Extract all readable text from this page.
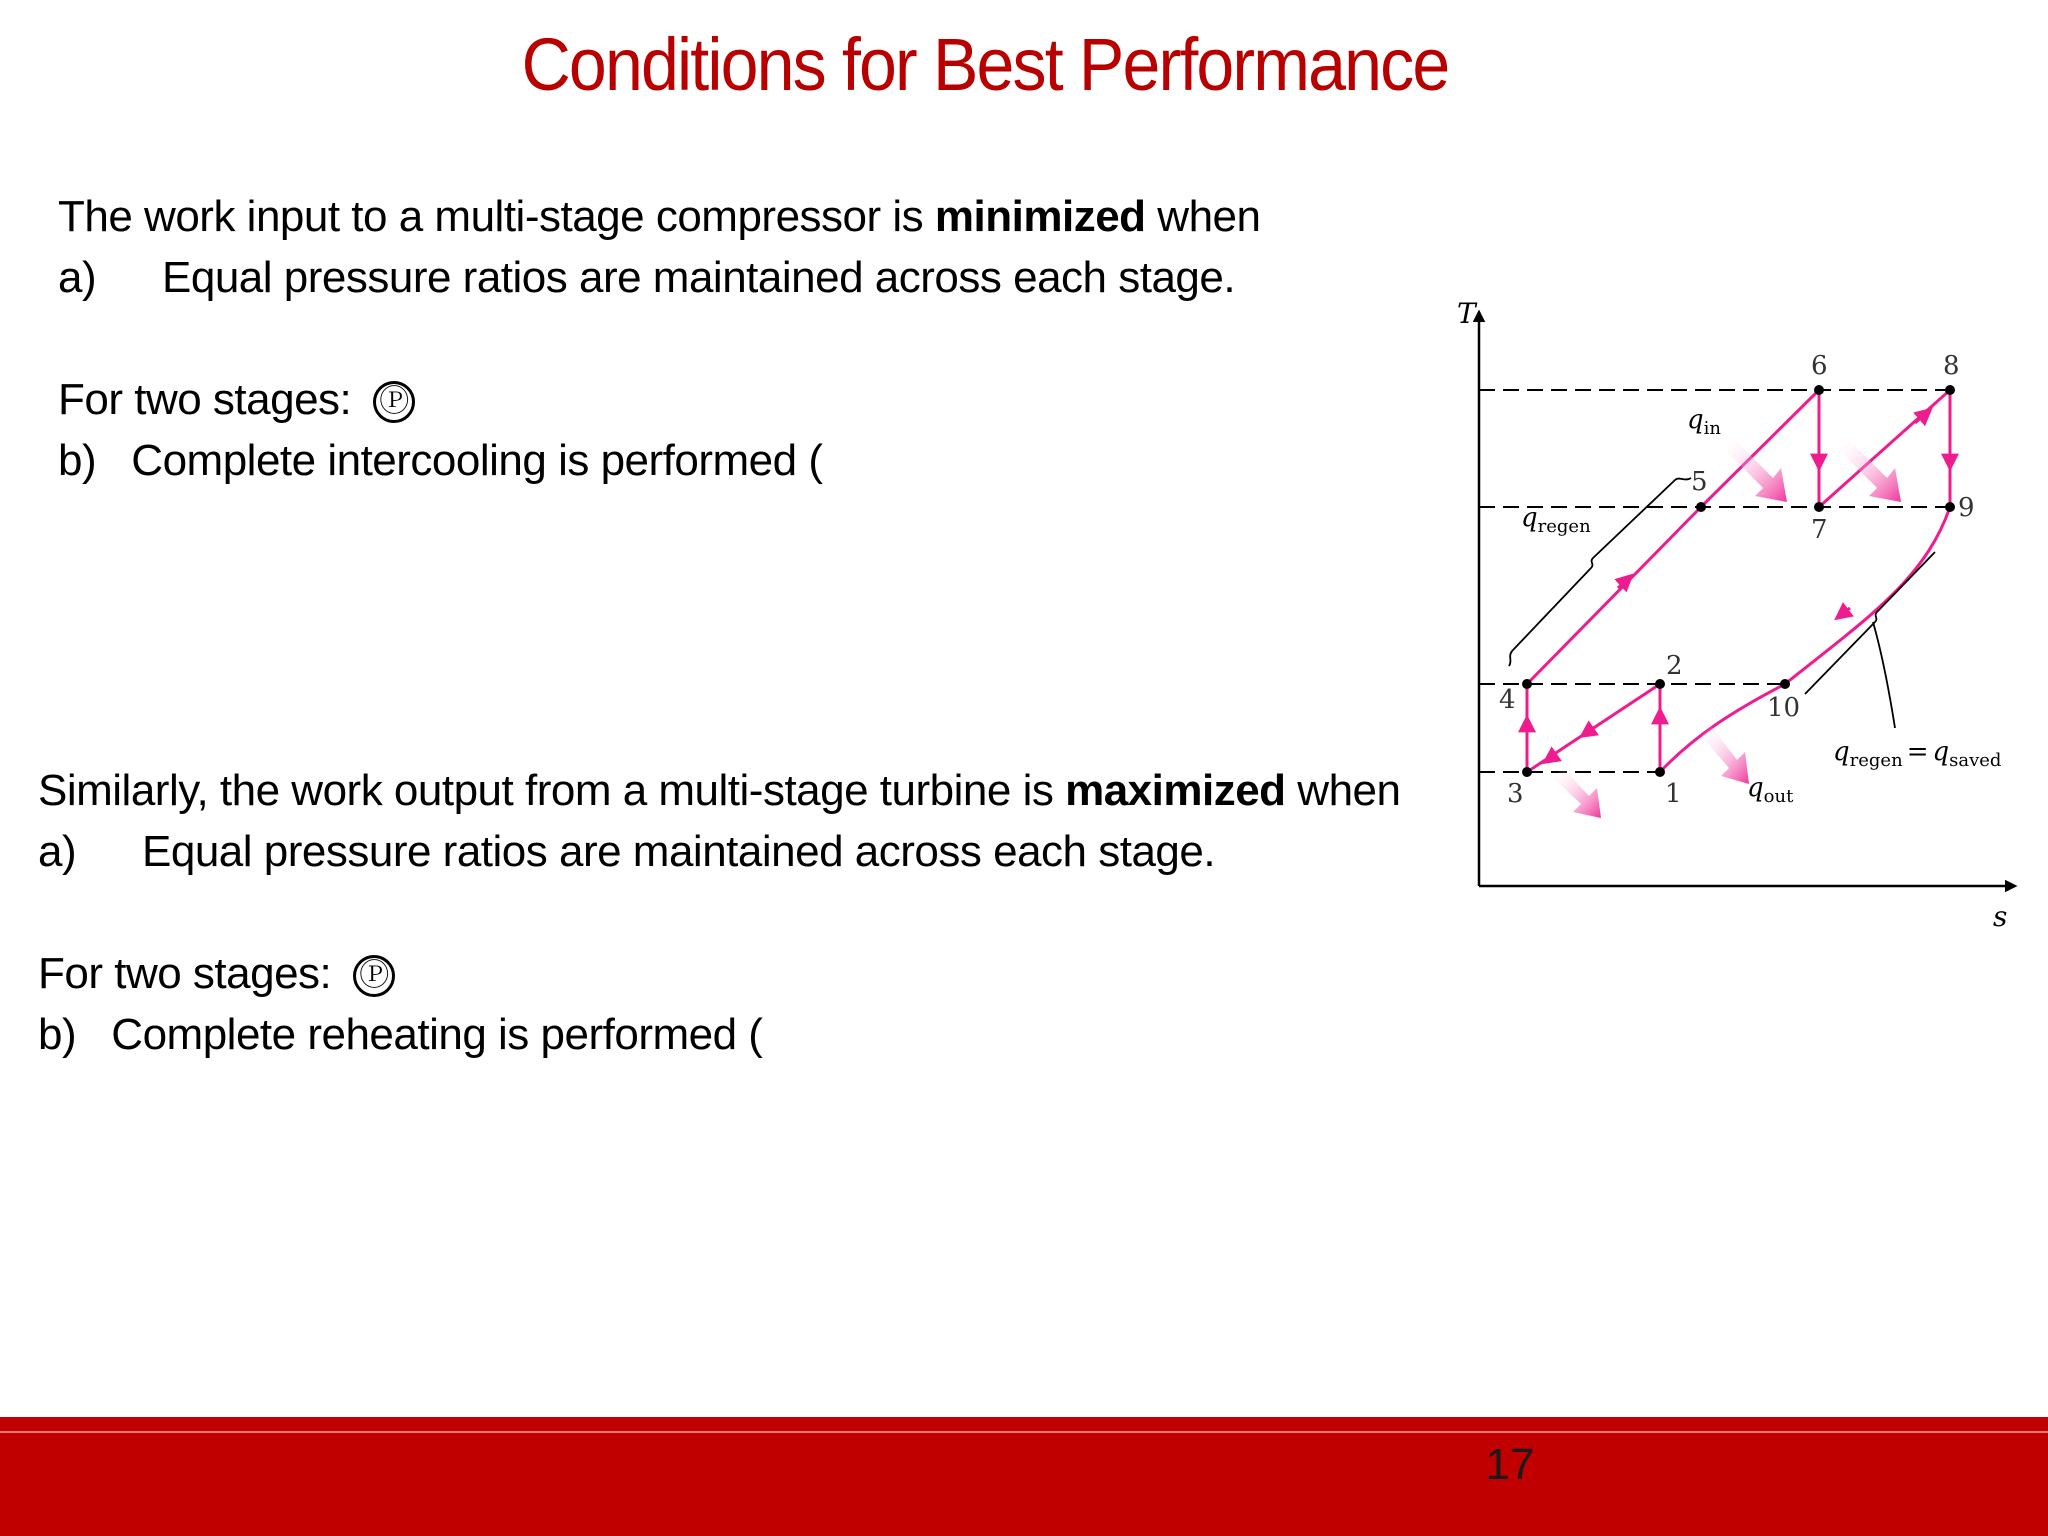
Conditions for Best Performance
The work input to a multi-stage compressor is minimized when
a) Equal pressure ratios are maintained across each stage.
For two stages: Ⓟ
b)   Complete intercooling is performed (
Similarly, the work output from a multi-stage turbine is maximized when
a) Equal pressure ratios are maintained across each stage.
For two stages: Ⓟ
b)   Complete reheating is performed (
T
s
1
2
3
4
5
6
7
8
9
10
$q_{in}$
$q_{out}$
$q_{regen}$
$q_{regen} = q_{saved}$
17
